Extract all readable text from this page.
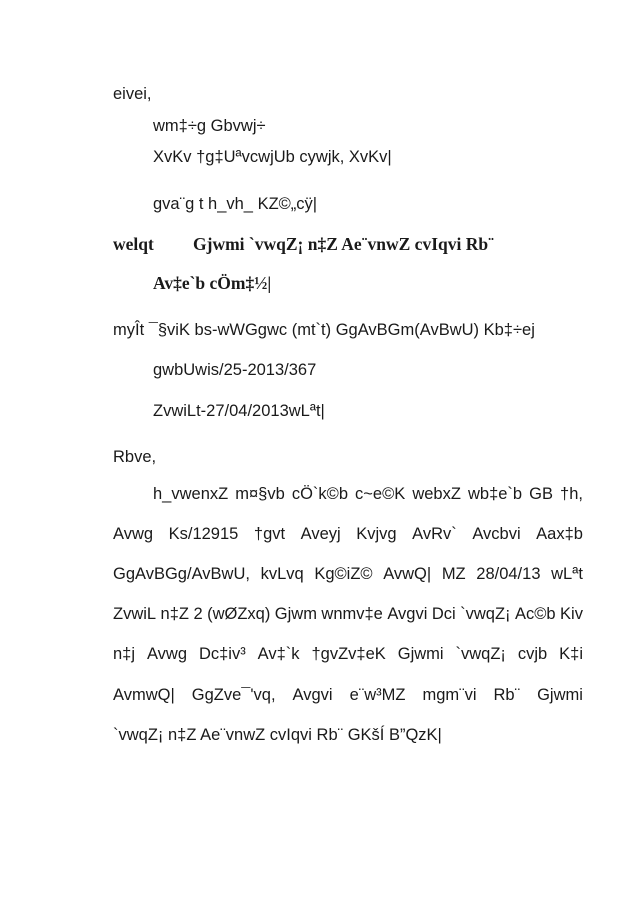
eivei,
wm‡÷g Gbvwj÷
XvKv †g‡UªvcwjUb cywjk, XvKv|
gva¨g t h_vh_ KZ©„cÿ|
welqt	Gjwmi `vwqZ¡ n‡Z Ae¨vnwZ cvIqvi Rb¨
Av‡e`b cÖm‡½|
myÎt ¯§viK bs-wWGgwc (mt`t) GgAvBGm(AvBwU) Kb‡÷ej
gwbUwis/25-2013/367
ZvwiLt-27/04/2013wLªt|
Rbve,
h_vwenxZ m¤§vb cÖ`k©b c~e©K webxZ wb‡e`b GB †h,
Avwg Ks/12915 †gvt Aveyj Kvjvg AvRv` Avcbvi Aax‡b
GgAvBGg/AvBwU, kvLvq Kg©iZ© AvwQ| MZ 28/04/13 wLªt
ZvwiL n‡Z 2 (wØZxq) Gjwm wnmv‡e Avgvi Dci `vwqZ¡ Ac©b Kiv
n‡j Avwg Dc‡iv³ Av‡`k †gvZv‡eK Gjwmi `vwqZ¡ cvjb K‡i
AvmwQ| GgZve¯'vq, Avgvi e¨w³MZ mgm¨vi Rb¨ Gjwmi
`vwqZ¡ n‡Z Ae¨vnwZ cvIqvi Rb¨ GKšÍ B”QzK|
